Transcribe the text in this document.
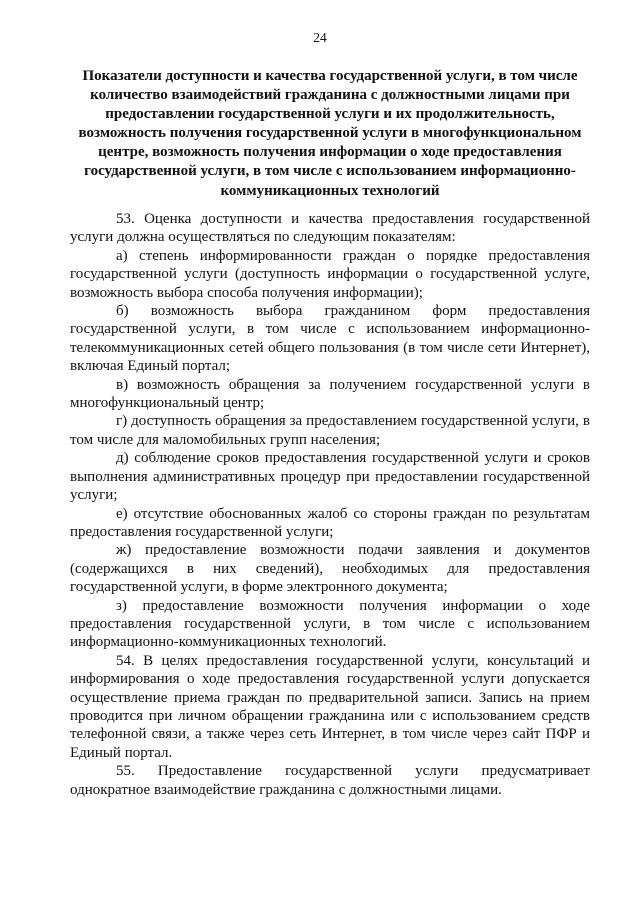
24
Показатели доступности и качества государственной услуги, в том числе количество взаимодействий гражданина с должностными лицами при предоставлении государственной услуги и их продолжительность, возможность получения государственной услуги в многофункциональном центре, возможность получения информации о ходе предоставления государственной услуги, в том числе с использованием информационно-коммуникационных технологий

53. Оценка доступности и качества предоставления государственной услуги должна осуществляться по следующим показателям:

а) степень информированности граждан о порядке предоставления государственной услуги (доступность информации о государственной услуге, возможность выбора способа получения информации);

б) возможность выбора гражданином форм предоставления государственной услуги, в том числе с использованием информационно-телекоммуникационных сетей общего пользования (в том числе сети Интернет), включая Единый портал;

в) возможность обращения за получением государственной услуги в многофункциональный центр;

г) доступность обращения за предоставлением государственной услуги, в том числе для маломобильных групп населения;

д) соблюдение сроков предоставления государственной услуги и сроков выполнения административных процедур при предоставлении государственной услуги;

е) отсутствие обоснованных жалоб со стороны граждан по результатам предоставления государственной услуги;

ж) предоставление возможности подачи заявления и документов (содержащихся в них сведений), необходимых для предоставления государственной услуги, в форме электронного документа;

з) предоставление возможности получения информации о ходе предоставления государственной услуги, в том числе с использованием информационно-коммуникационных технологий.

54. В целях предоставления государственной услуги, консультаций и информирования о ходе предоставления государственной услуги допускается осуществление приема граждан по предварительной записи. Запись на прием проводится при личном обращении гражданина или с использованием средств телефонной связи, а также через сеть Интернет, в том числе через сайт ПФР и Единый портал.

55. Предоставление государственной услуги предусматривает однократное взаимодействие гражданина с должностными лицами.
